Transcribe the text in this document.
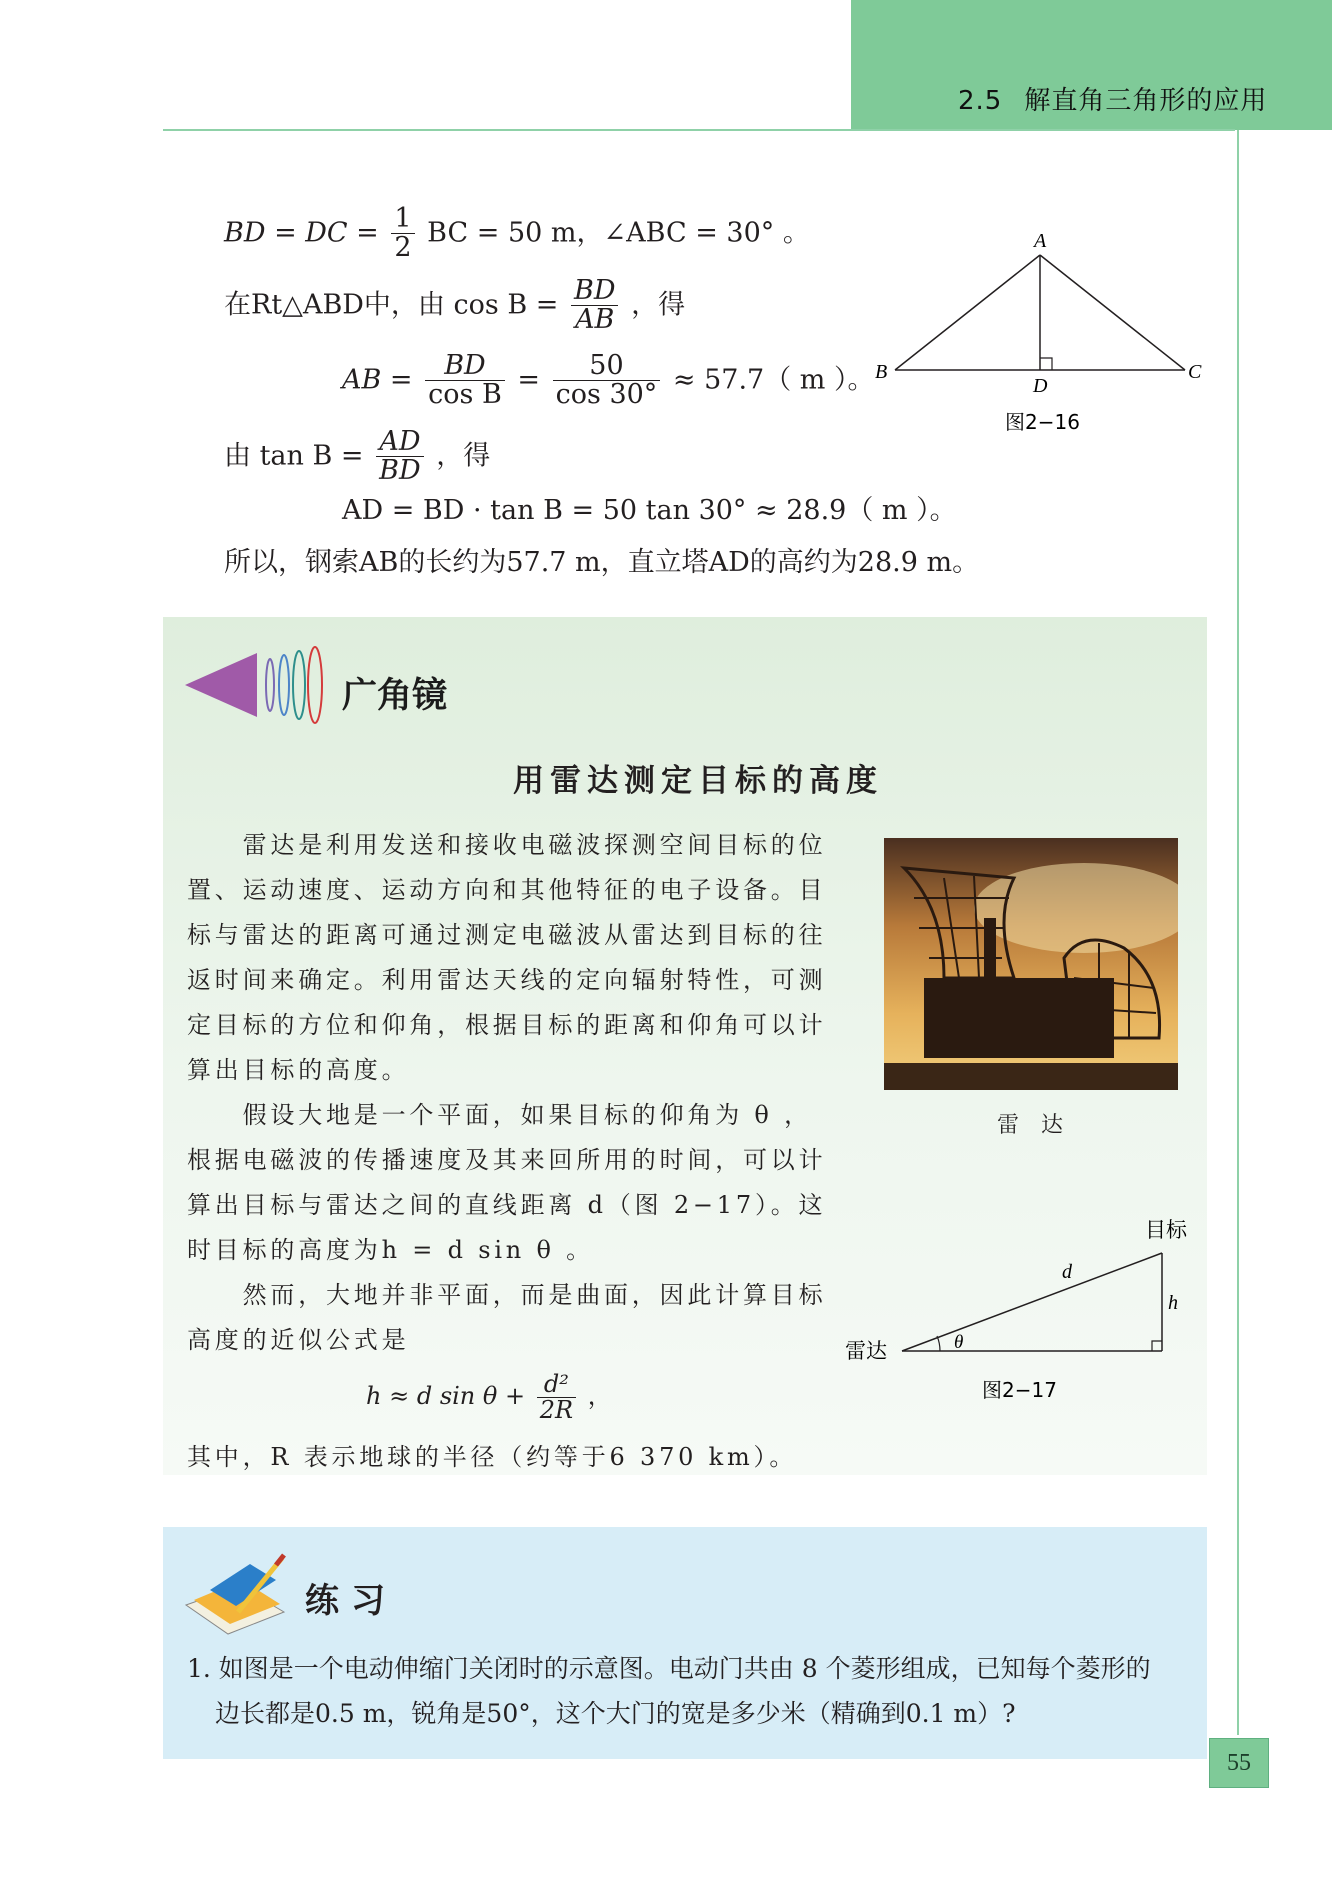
2.5 解直角三角形的应用
BD = DC = $\frac{1}{2}$ BC = 50 m，∠ABC = 30° 。
在Rt△ABD中，由 $\cos B = \frac{BD}{AB}$ ，得
AB = $\frac{BD}{\text{cos B}} = \frac{50}{\cos 30^\circ} \approx 57.7$（ m ）。
由 $\tan B = \frac{AD}{BD}$ ，得
AD = BD · tan B = 50 tan 30° ≈ 28.9（ m ）。
所以，钢索AB的长约为57.7 m，直立塔AD的高约为28.9 m。
A
B	C
D
图2−16
广角镜
用雷达测定目标的高度

　　雷达是利用发送和接收电磁波探测空间目标的位置、运动速度、运动方向和其他特征的电子设备。目标与雷达的距离可通过测定电磁波从雷达到目标的往返时间来确定。利用雷达天线的定向辐射特性，可测定目标的方位和仰角，根据目标的距离和仰角可以计算出目标的高度。

　　假设大地是一个平面，如果目标的仰角为 θ ，根据电磁波的传播速度及其来回所用的时间，可以计算出目标与雷达之间的直线距离 d（图 2−17）。这时目标的高度为h = d sin θ 。

　　然而，大地并非平面，而是曲面，因此计算目标高度的近似公式是

h ≈ d $\sin \theta + \frac{\text{d²}}{2R}$ ，

其中，R 表示地球的半径（约等于6 370 km）。

雷　达
目标
雷达
d
h
θ
图2−17
练习
1. 如图是一个电动伸缩门关闭时的示意图。电动门共由 8 个菱形组成，已知每个菱形的
边长都是0.5 m，锐角是50°，这个大门的宽是多少米（精确到0.1 m）?
55
